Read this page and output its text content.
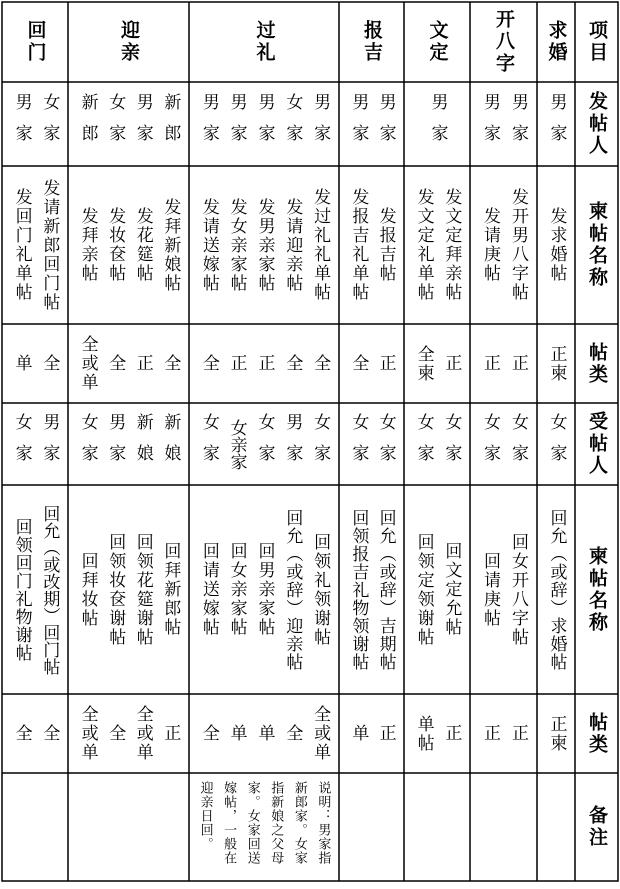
项目
求婚
开八字
文定
报吉
过礼
迎亲
回门
发帖人
柬帖名称
帖类
受帖人
柬帖名称
帖类
备注
男家
男家
男家
男家
男家
男家
男家
女家
男家
男家
男家
新郎
男家
女家
新郎
女家
男家
发求婚帖
发开男八字帖
发请庚帖
发文定拜亲帖
发文定礼单帖
发报吉帖
发报吉礼单帖
发过礼礼单帖
发请迎亲帖
发男亲家帖
发女亲家帖
发请送嫁帖
发拜新娘帖
发花筵帖
发妆奁帖
发拜亲帖
发请新郎回门帖
发回门礼单帖
正柬
正
正
正
全柬
正
全
全
全
正
正
全
全
正
全
全或单
全
单
女家
女家
女家
女家
女家
女家
女家
女家
男家
女家
女亲家
女家
新娘
新娘
男家
女家
男家
女家
回允（或辞）求婚帖
回女开八字帖
回请庚帖
回文定允帖
回领定领谢帖
回允（或辞）吉期帖
回领报吉礼物领谢帖
回领礼领谢帖
回允（或辞）迎亲帖
回男亲家帖
回女亲家帖
回请送嫁帖
回拜新郎帖
回领花筵谢帖
回领妆奁谢帖
回拜妆帖
回允（或改期）回门帖
回领回门礼物谢帖
正柬
正
正
正
单帖
正
单
全或单
全
单
单
全
正
全或单
全
全或单
全
全
说明：男家指
新郎家。女家
指新娘之父母
家。女家回送
嫁帖，一般在
迎亲日回。
